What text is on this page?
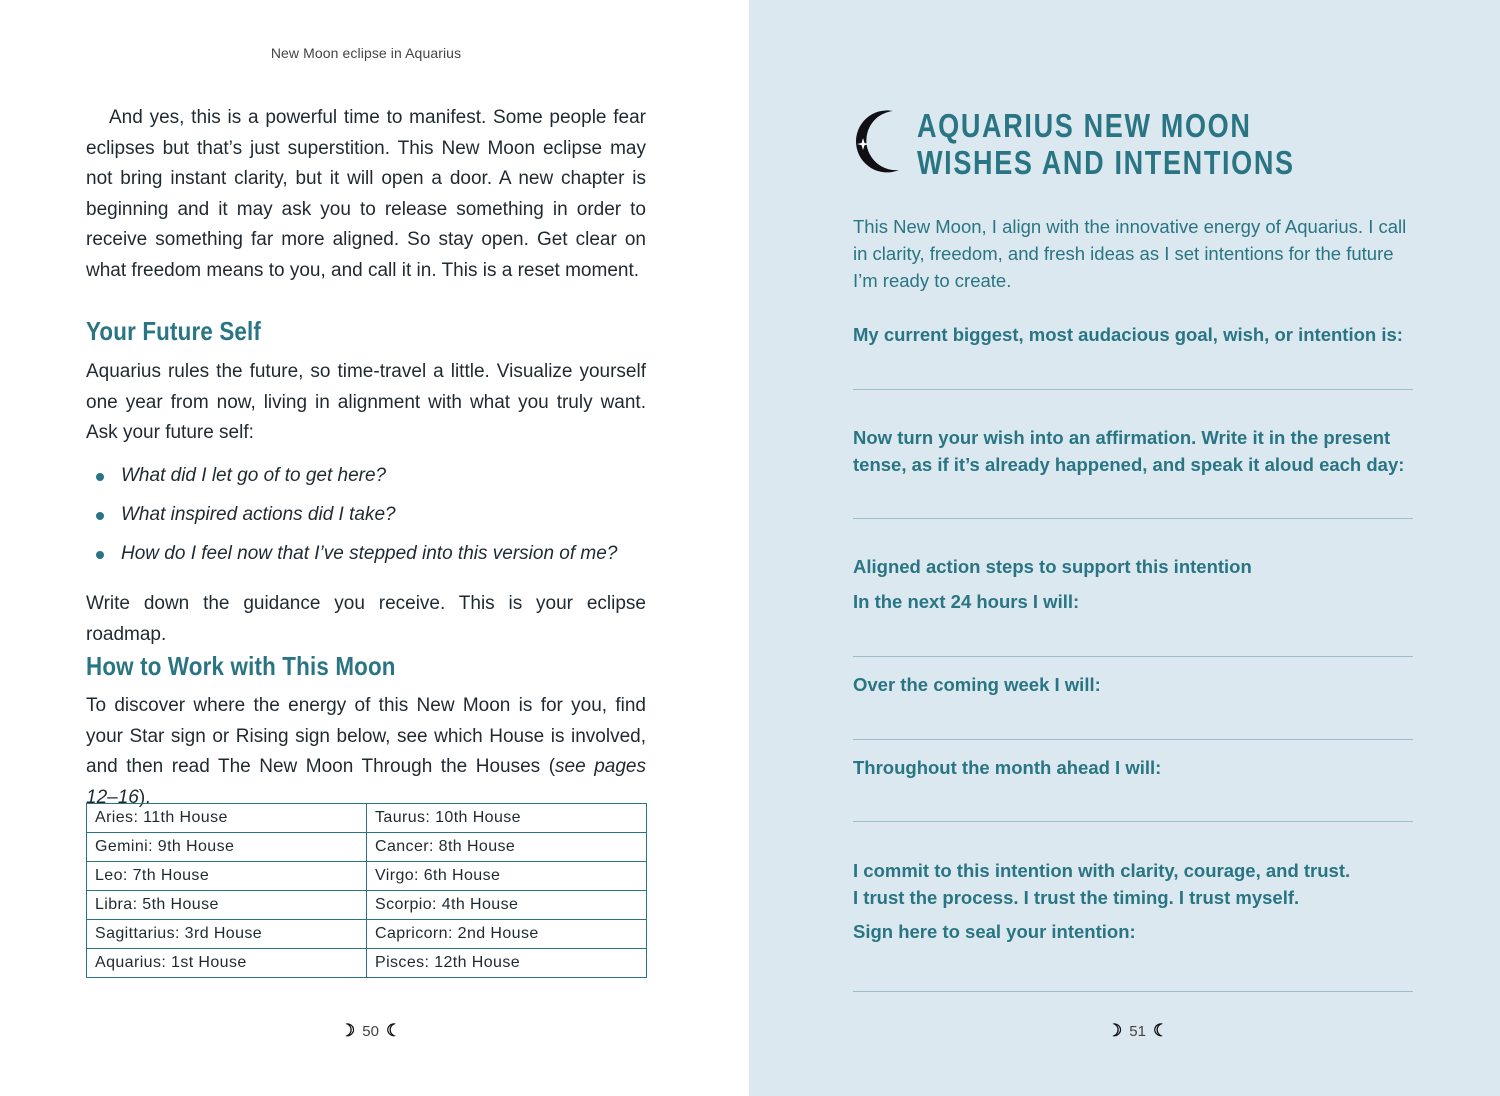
New Moon eclipse in Aquarius

And yes, this is a powerful time to manifest. Some people fear eclipses but that’s just superstition. This New Moon eclipse may not bring instant clarity, but it will open a door. A new chapter is beginning and it may ask you to release something in order to receive something far more aligned. So stay open. Get clear on what freedom means to you, and call it in. This is a reset moment.

Your Future Self

Aquarius rules the future, so time-travel a little. Visualize yourself one year from now, living in alignment with what you truly want. Ask your future self:

What did I let go of to get here?
What inspired actions did I take?
How do I feel now that I’ve stepped into this version of me?

Write down the guidance you receive. This is your eclipse roadmap.

How to Work with This Moon

To discover where the energy of this New Moon is for you, find your Star sign or Rising sign below, see which House is involved, and then read The New Moon Through the Houses (see pages 12–16).

Aries: 11th House	Taurus: 10th House
Gemini: 9th House	Cancer: 8th House
Leo: 7th House	Virgo: 6th House
Libra: 5th House	Scorpio: 4th House
Sagittarius: 3rd House	Capricorn: 2nd House
Aquarius: 1st House	Pisces: 12th House
☽ 50 ☾
AQUARIUS NEW MOON
WISHES AND INTENTIONS

This New Moon, I align with the innovative energy of Aquarius. I call in clarity, freedom, and fresh ideas as I set intentions for the future I’m ready to create.

My current biggest, most audacious goal, wish, or intention is:

Now turn your wish into an affirmation. Write it in the present tense, as if it’s already happened, and speak it aloud each day:

Aligned action steps to support this intention

In the next 24 hours I will:

Over the coming week I will:

Throughout the month ahead I will:

I commit to this intention with clarity, courage, and trust.
I trust the process. I trust the timing. I trust myself.

Sign here to seal your intention:

☽ 51 ☾
